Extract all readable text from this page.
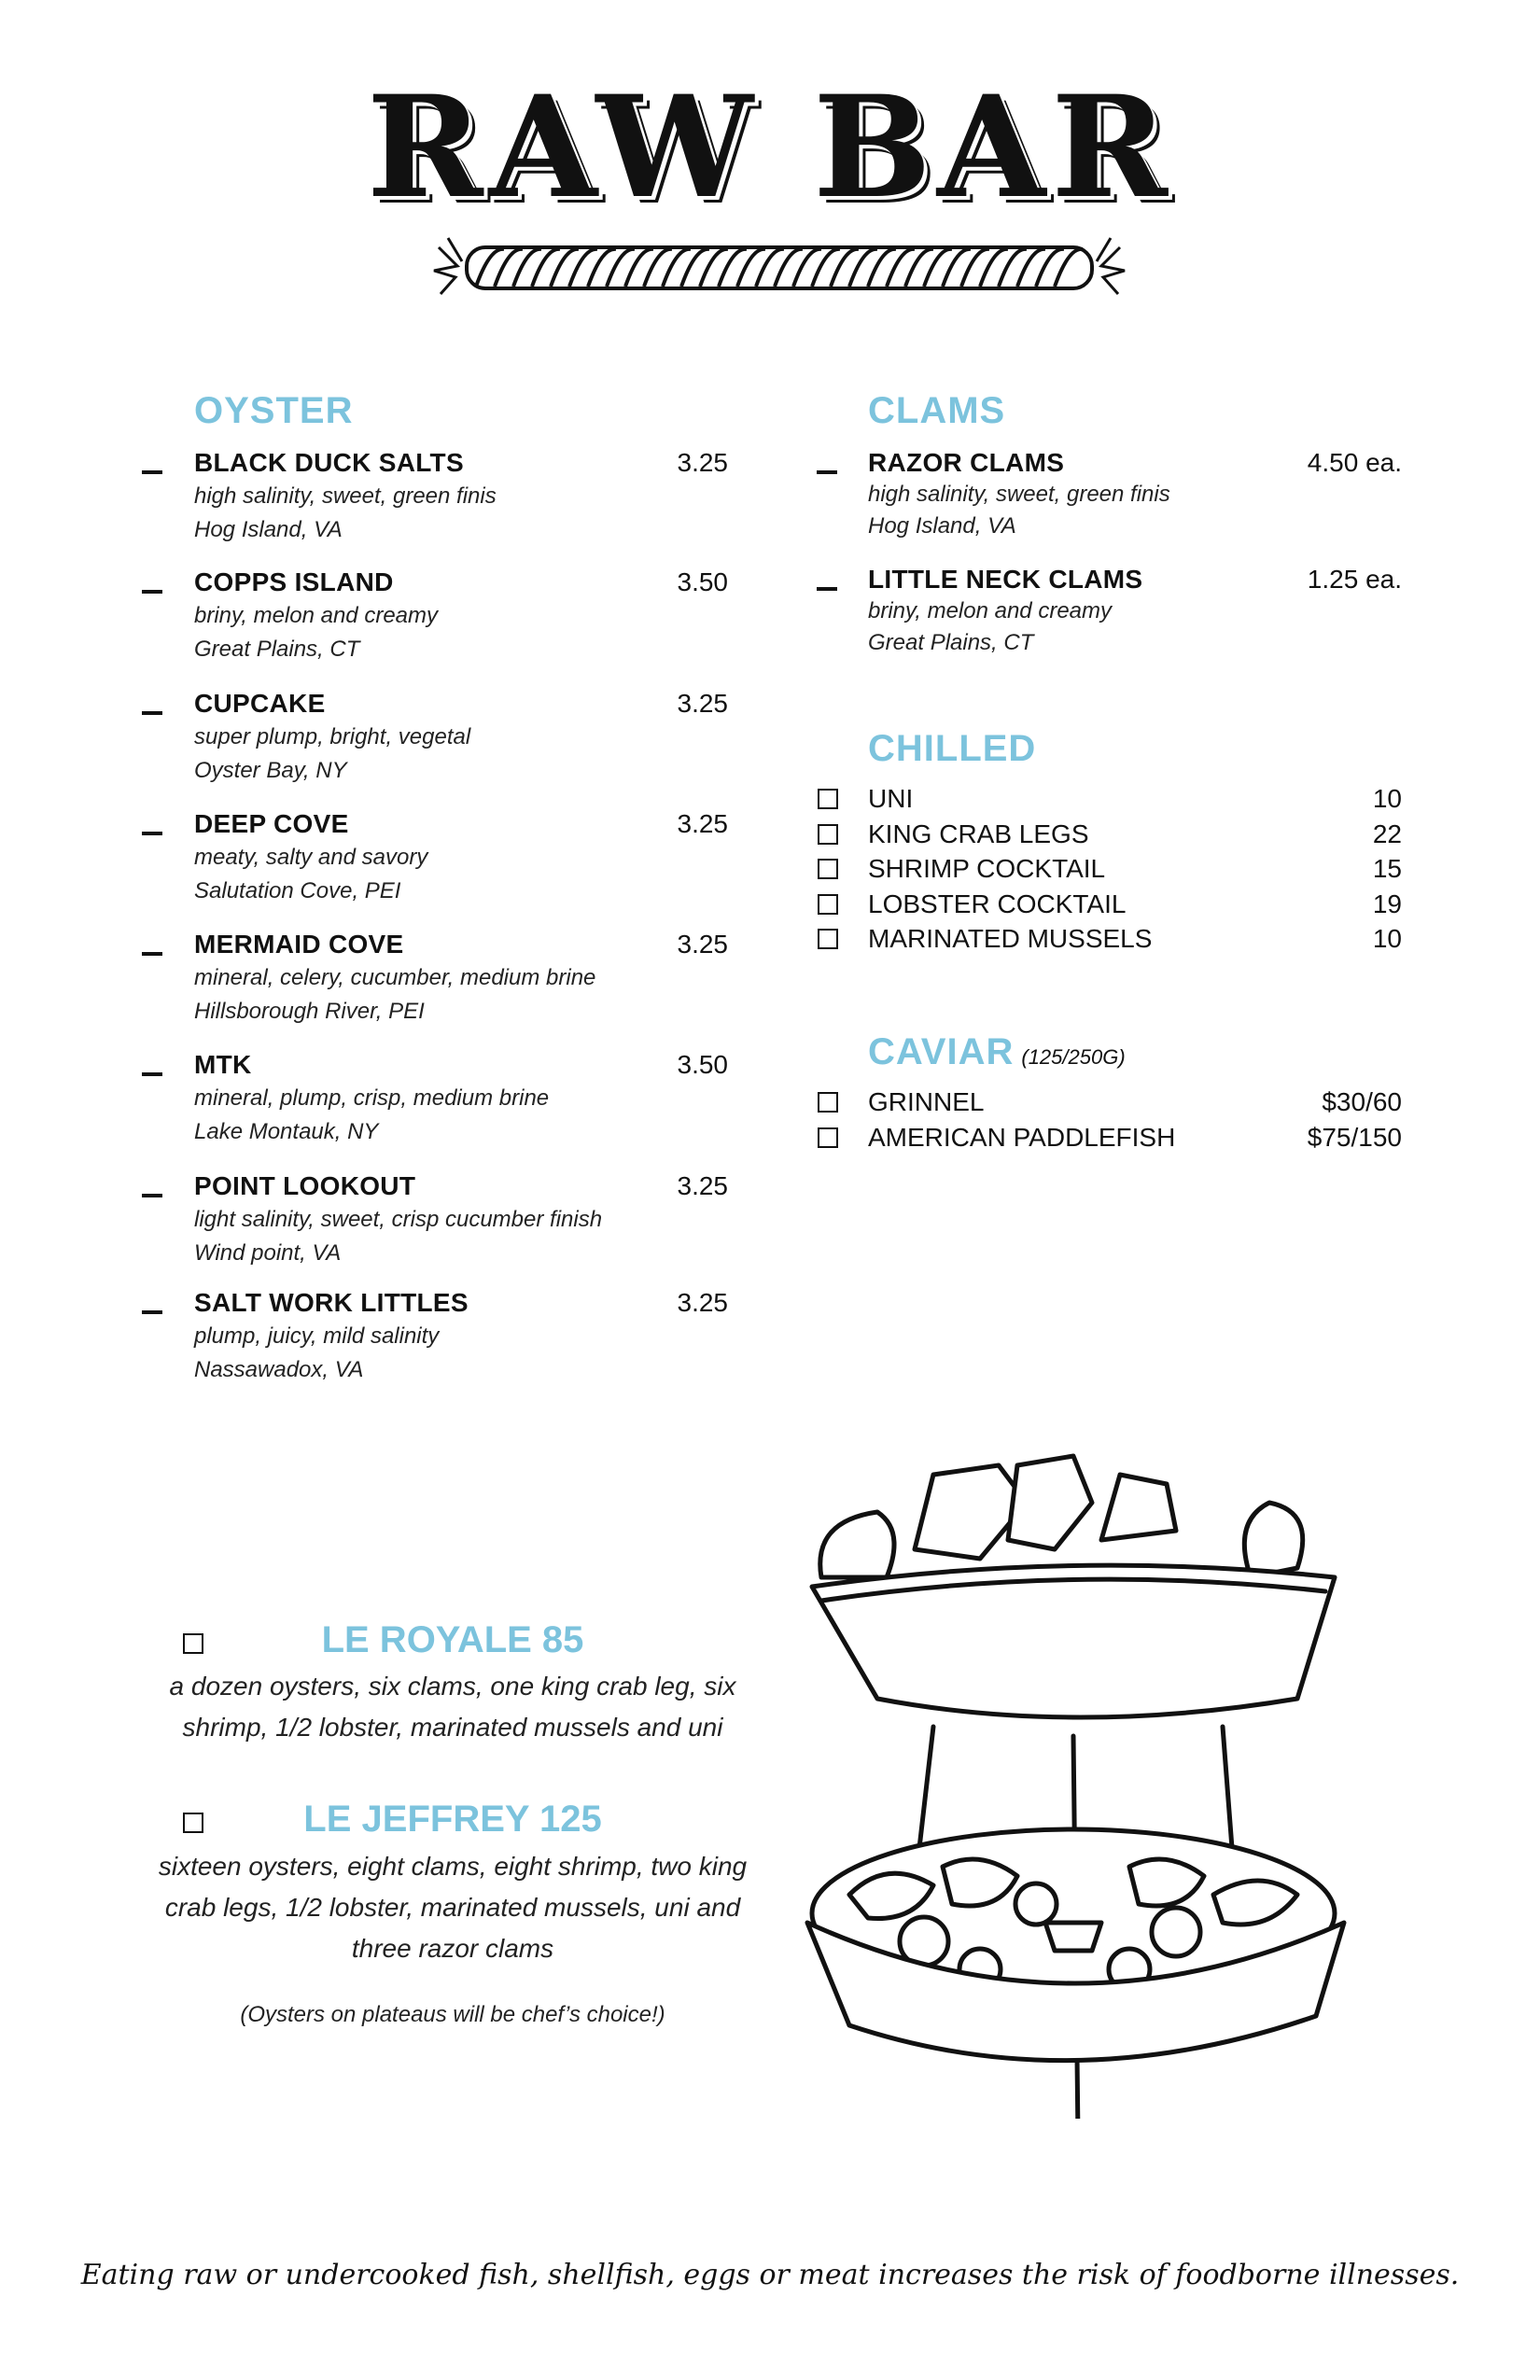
RAW BAR
OYSTER
BLACK DUCK SALTS	3.25
high salinity, sweet, green finis
Hog Island, VA
COPPS ISLAND	3.50
briny, melon and creamy
Great Plains, CT
CUPCAKE	3.25
super plump, bright, vegetal
Oyster Bay, NY
DEEP COVE	3.25
meaty, salty and savory
Salutation Cove, PEI
MERMAID COVE	3.25
mineral, celery, cucumber, medium brine
Hillsborough River, PEI
MTK	3.50
mineral, plump, crisp, medium brine
Lake Montauk, NY
POINT LOOKOUT	3.25
light salinity, sweet, crisp cucumber finish
Wind point, VA
SALT WORK LITTLES	3.25
plump, juicy, mild salinity
Nassawadox, VA
CLAMS
RAZOR CLAMS	4.50 ea.
high salinity, sweet, green finis
Hog Island, VA
LITTLE NECK CLAMS	1.25 ea.
briny, melon and creamy
Great Plains, CT
CHILLED
UNI	10
KING CRAB LEGS	22
SHRIMP COCKTAIL	15
LOBSTER COCKTAIL	19
MARINATED MUSSELS	10
CAVIAR (125/250G)
GRINNEL	$30/60
AMERICAN PADDLEFISH	$75/150
LE ROYALE 85
a dozen oysters, six clams, one king crab leg, six
shrimp, 1/2 lobster, marinated mussels and uni
LE JEFFREY 125
sixteen oysters, eight clams, eight shrimp, two king
crab legs, 1/2 lobster, marinated mussels, uni and
three razor clams
(Oysters on plateaus will be chef’s choice!)
Eating raw or undercooked fish, shellfish, eggs or meat increases the risk of foodborne illnesses.
